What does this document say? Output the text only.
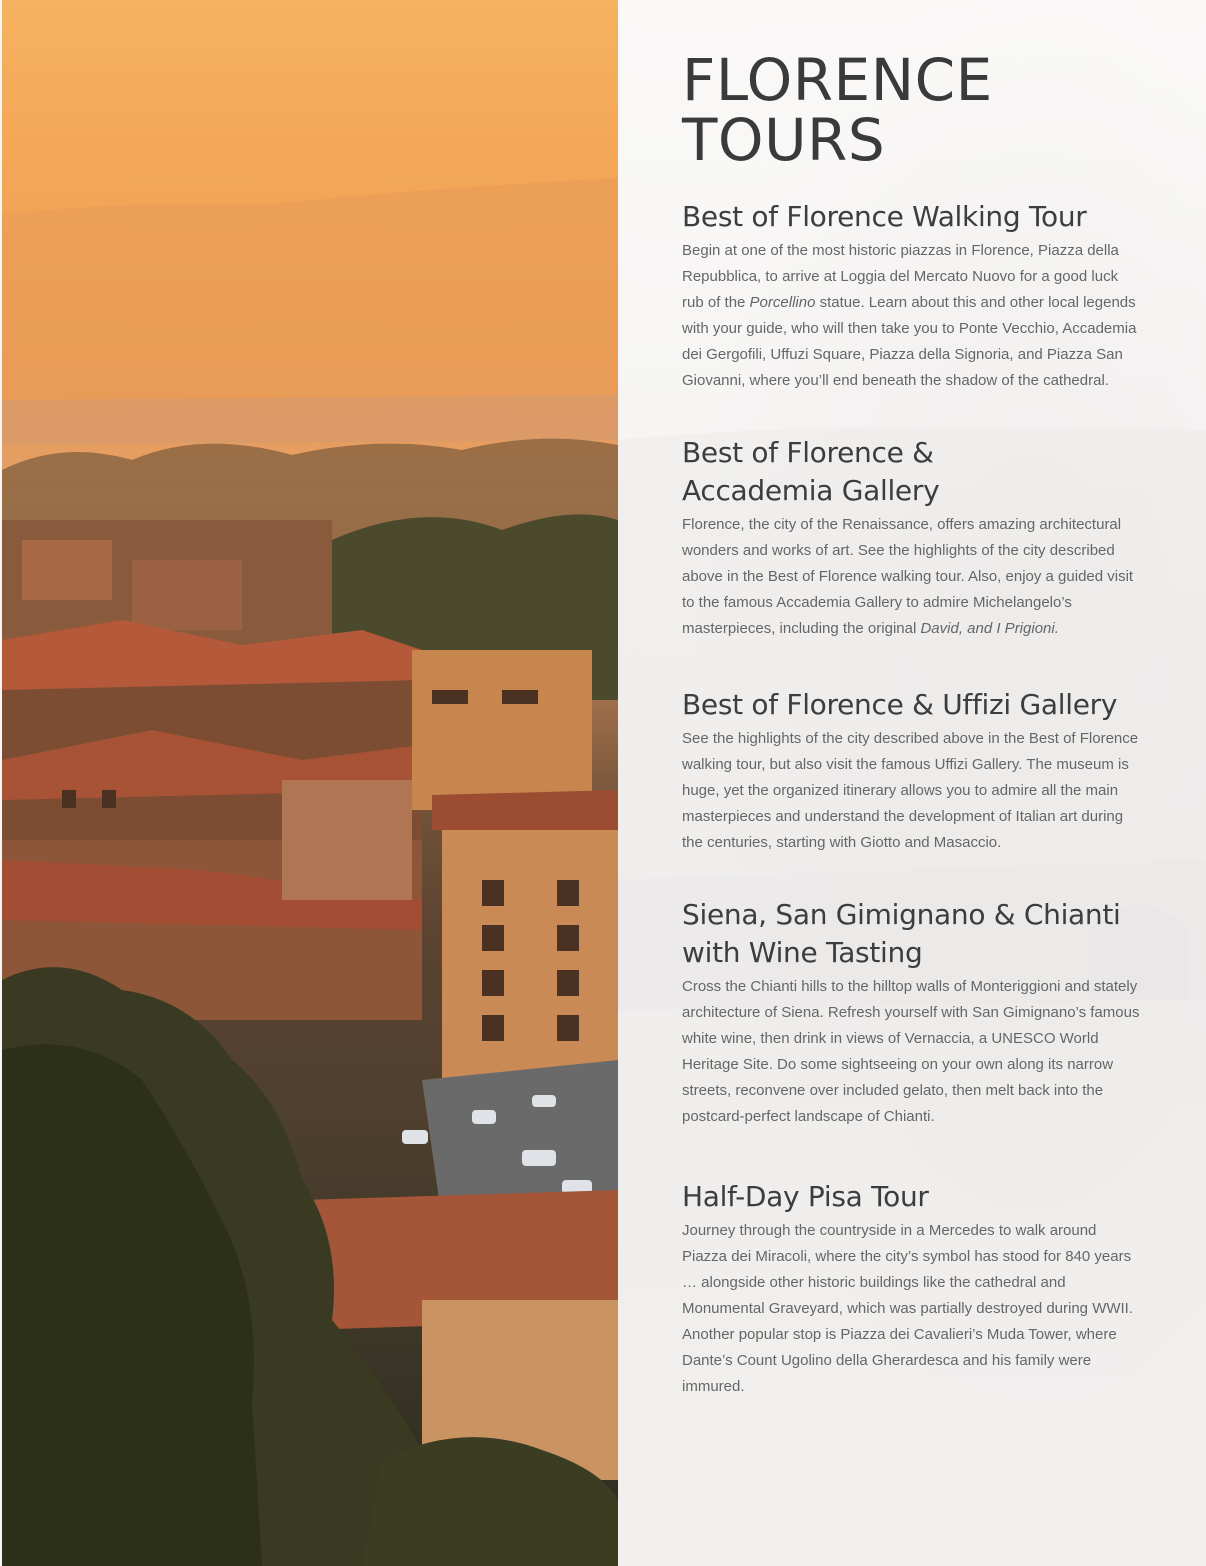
FLORENCE
TOURS
Best of Florence Walking Tour

Begin at one of the most historic piazzas in Florence, Piazza della Repubblica, to arrive at Loggia del Mercato Nuovo for a good luck rub of the Porcellino statue. Learn about this and other local legends with your guide, who will then take you to Ponte Vecchio, Accademia dei Gergofili, Uffuzi Square, Piazza della Signoria, and Piazza San Giovanni, where you’ll end beneath the shadow of the cathedral.

Best of Florence &
Accademia Gallery

Florence, the city of the Renaissance, offers amazing architectural wonders and works of art. See the highlights of the city described above in the Best of Florence walking tour. Also, enjoy a guided visit to the famous Accademia Gallery to admire Michelangelo’s masterpieces, including the original David, and I Prigioni.

Best of Florence & Uffizi Gallery

See the highlights of the city described above in the Best of Florence walking tour, but also visit the famous Uffizi Gallery. The museum is huge, yet the organized itinerary allows you to admire all the main masterpieces and understand the development of Italian art during the centuries, starting with Giotto and Masaccio.

Siena, San Gimignano & Chianti
with Wine Tasting

Cross the Chianti hills to the hilltop walls of Monteriggioni and stately architecture of Siena. Refresh yourself with San Gimignano’s famous white wine, then drink in views of Vernaccia, a UNESCO World Heritage Site. Do some sightseeing on your own along its narrow streets, reconvene over included gelato, then melt back into the postcard-perfect landscape of Chianti.

Half-Day Pisa Tour

Journey through the countryside in a Mercedes to walk around Piazza dei Miracoli, where the city’s symbol has stood for 840 years … alongside other historic buildings like the cathedral and Monumental Graveyard, which was partially destroyed during WWII. Another popular stop is Piazza dei Cavalieri’s Muda Tower, where Dante’s Count Ugolino della Gherardesca and his family were immured.
